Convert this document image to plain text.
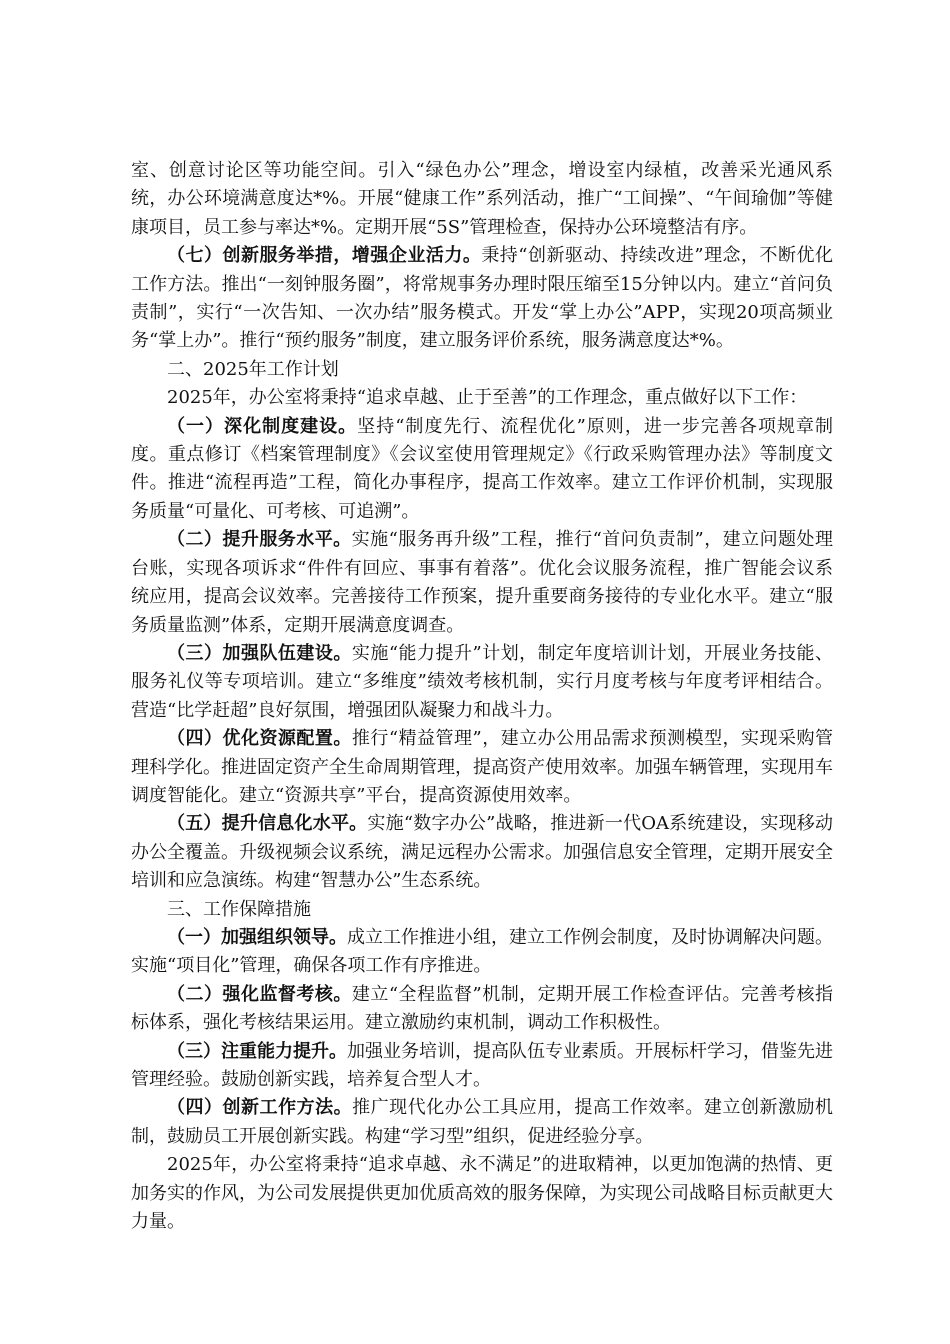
室、创意讨论区等功能空间。引入“绿色办公”理念，增设室内绿植，改善采光通风系统，办公环境满意度达*%。开展“健康工作”系列活动，推广“工间操”、“午间瑜伽”等健康项目，员工参与率达*%。定期开展“5S”管理检查，保持办公环境整洁有序。

（七）创新服务举措，增强企业活力。秉持“创新驱动、持续改进”理念，不断优化工作方法。推出“一刻钟服务圈”，将常规事务办理时限压缩至15分钟以内。建立“首问负责制”，实行“一次告知、一次办结”服务模式。开发“掌上办公”APP，实现20项高频业务“掌上办”。推行“预约服务”制度，建立服务评价系统，服务满意度达*%。

二、2025年工作计划

2025年，办公室将秉持“追求卓越、止于至善”的工作理念，重点做好以下工作：

（一）深化制度建设。坚持“制度先行、流程优化”原则，进一步完善各项规章制度。重点修订《档案管理制度》《会议室使用管理规定》《行政采购管理办法》等制度文件。推进“流程再造”工程，简化办事程序，提高工作效率。建立工作评价机制，实现服务质量“可量化、可考核、可追溯”。

（二）提升服务水平。实施“服务再升级”工程，推行“首问负责制”，建立问题处理台账，实现各项诉求“件件有回应、事事有着落”。优化会议服务流程，推广智能会议系统应用，提高会议效率。完善接待工作预案，提升重要商务接待的专业化水平。建立“服务质量监测”体系，定期开展满意度调查。

（三）加强队伍建设。实施“能力提升”计划，制定年度培训计划，开展业务技能、服务礼仪等专项培训。建立“多维度”绩效考核机制，实行月度考核与年度考评相结合。营造“比学赶超”良好氛围，增强团队凝聚力和战斗力。

（四）优化资源配置。推行“精益管理”，建立办公用品需求预测模型，实现采购管理科学化。推进固定资产全生命周期管理，提高资产使用效率。加强车辆管理，实现用车调度智能化。建立“资源共享”平台，提高资源使用效率。

（五）提升信息化水平。实施“数字办公”战略，推进新一代OA系统建设，实现移动办公全覆盖。升级视频会议系统，满足远程办公需求。加强信息安全管理，定期开展安全培训和应急演练。构建“智慧办公”生态系统。

三、工作保障措施

（一）加强组织领导。成立工作推进小组，建立工作例会制度，及时协调解决问题。实施“项目化”管理，确保各项工作有序推进。

（二）强化监督考核。建立“全程监督”机制，定期开展工作检查评估。完善考核指标体系，强化考核结果运用。建立激励约束机制，调动工作积极性。

（三）注重能力提升。加强业务培训，提高队伍专业素质。开展标杆学习，借鉴先进管理经验。鼓励创新实践，培养复合型人才。

（四）创新工作方法。推广现代化办公工具应用，提高工作效率。建立创新激励机制，鼓励员工开展创新实践。构建“学习型”组织，促进经验分享。

2025年，办公室将秉持“追求卓越、永不满足”的进取精神，以更加饱满的热情、更加务实的作风，为公司发展提供更加优质高效的服务保障，为实现公司战略目标贡献更大力量。
